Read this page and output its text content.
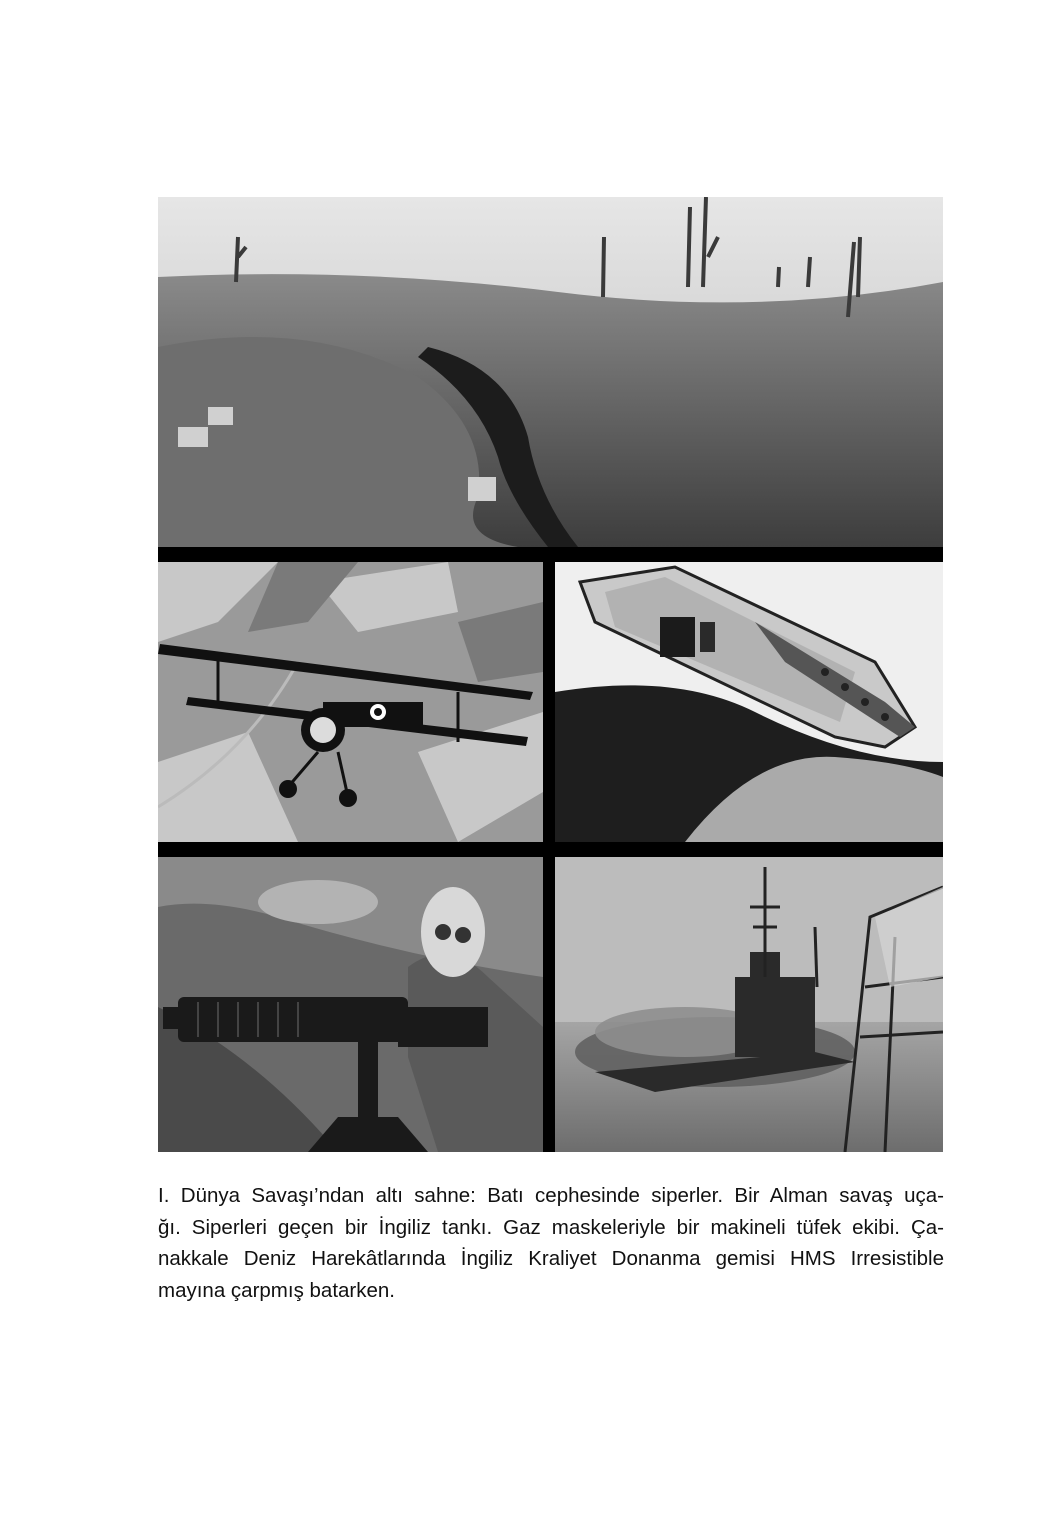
I. Dünya Savaşı’ndan altı sahne: Batı cephesinde siperler. Bir Alman savaş uça-
ğı. Siperleri geçen bir İngiliz tankı. Gaz maskeleriyle bir makineli tüfek ekibi. Ça-
nakkale Deniz Harekâtlarında İngiliz Kraliyet Donanma gemisi HMS Irresistible
mayına çarpmış batarken.
